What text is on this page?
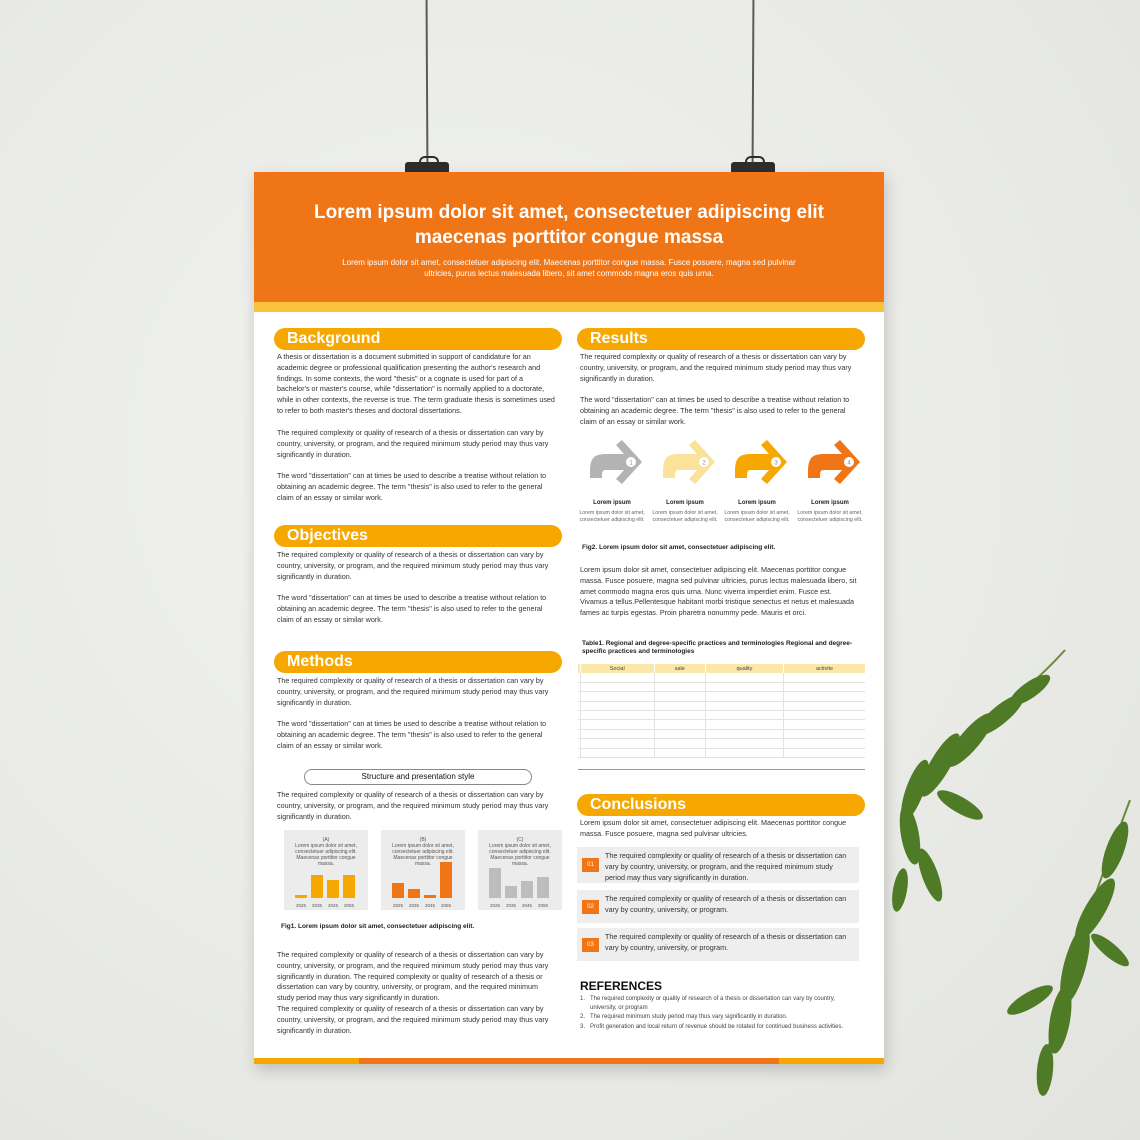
Lorem ipsum dolor sit amet, consectetuer adipiscing elit maecenas porttitor congue massa
Lorem ipsum dolor sit amet, consectetuer adipiscing elit. Maecenas porttitor congue massa. Fusce posuere, magna sed pulvinar ultricies, purus lectus malesuada libero, sit amet commodo magna eros quis urna.
Background
A thesis or dissertation is a document submitted in support of candidature for an academic degree or professional qualification presenting the author's research and findings. In some contexts, the word "thesis" or a cognate is used for part of a bachelor's or master's course, while "dissertation" is normally applied to a doctorate, while in other contexts, the reverse is true. The term graduate thesis is sometimes used to refer to both master's theses and doctoral dissertations.
The required complexity or quality of research of a thesis or dissertation can vary by country, university, or program, and the required minimum study period may thus vary significantly in duration.
The word "dissertation" can at times be used to describe a treatise without relation to obtaining an academic degree. The term "thesis" is also used to refer to the general claim of an essay or similar work.
Objectives
The required complexity or quality of research of a thesis or dissertation can vary by country, university, or program, and the required minimum study period may thus vary significantly in duration.
The word "dissertation" can at times be used to describe a treatise without relation to obtaining an academic degree. The term "thesis" is also used to refer to the general claim of an essay or similar work.
Methods
The required complexity or quality of research of a thesis or dissertation can vary by country, university, or program, and the required minimum study period may thus vary significantly in duration.
The word "dissertation" can at times be used to describe a treatise without relation to obtaining an academic degree. The term "thesis" is also used to refer to the general claim of an essay or similar work.
Structure and presentation style
The required complexity or quality of research of a thesis or dissertation can vary by country, university, or program, and the required minimum study period may thus vary significantly in duration.
(A)
Lorem ipsum dolor sit amet, consectetuer adipiscing elit. Maecenas porttitor congue massa.
2025	2035	2045	2055
(B)
Lorem ipsum dolor sit amet, consectetuer adipiscing elit. Maecenas porttitor congue massa.
2025	2035	2045	2055
(C)
Lorem ipsum dolor sit amet, consectetuer adipiscing elit. Maecenas porttitor congue massa.
2025	2035	2045	2055
Fig1. Lorem ipsum dolor sit amet, consectetuer adipiscing elit.
The required complexity or quality of research of a thesis or dissertation can vary by country, university, or program, and the required minimum study period may thus vary significantly in duration. The required complexity or quality of research of a thesis or dissertation can vary by country, university, or program, and the required minimum study period may thus vary significantly in duration.
The required complexity or quality of research of a thesis or dissertation can vary by country, university, or program, and the required minimum study period may thus vary significantly in duration.
Results
The required complexity or quality of research of a thesis or dissertation can vary by country, university, or program, and the required minimum study period may thus vary significantly in duration.
The word "dissertation" can at times be used to describe a treatise without relation to obtaining an academic degree. The term "thesis" is also used to refer to the general claim of an essay or similar work.
1
Lorem ipsum
Lorem ipsum dolor sit amet, consectetuer adipiscing elit.
2
Lorem ipsum
Lorem ipsum dolor sit amet, consectetuer adipiscing elit.
3
Lorem ipsum
Lorem ipsum dolor sit amet, consectetuer adipiscing elit.
4
Lorem ipsum
Lorem ipsum dolor sit amet, consectetuer adipiscing elit.
Fig2. Lorem ipsum dolor sit amet, consectetuer adipiscing elit.
Lorem ipsum dolor sit amet, consectetuer adipiscing elit. Maecenas porttitor congue massa. Fusce posuere, magna sed pulvinar ultricies, purus lectus malesuada libero, sit amet commodo magna eros quis urna. Nunc viverra imperdiet enim. Fusce est. Vivamus a tellus.Pellentesque habitant morbi tristique senectus et netus et malesuada fames ac turpis egestas. Proin pharetra nonummy pede. Mauris et orci.
Table1. Regional and degree-specific practices and terminologies Regional and degree-specific practices and terminologies
	Social	sale	quality	activite

Conclusions
Lorem ipsum dolor sit amet, consectetuer adipiscing elit. Maecenas porttitor congue massa. Fusce posuere, magna sed pulvinar ultricies.
01
The required complexity or quality of research of a thesis or dissertation can vary by country, university, or program, and the required minimum study period may thus vary significantly in duration.
02
The required complexity or quality of research of a thesis or dissertation can vary by country, university, or program.
03
The required complexity or quality of research of a thesis or dissertation can vary by country, university, or program.
REFERENCES
1. The required complexity or quality of research of a thesis or dissertation can vary by country, university, or program
2. The required minimum study period may thus vary significantly in duration.
3. Profit generation and local return of revenue should be rotated for continued business activities.
